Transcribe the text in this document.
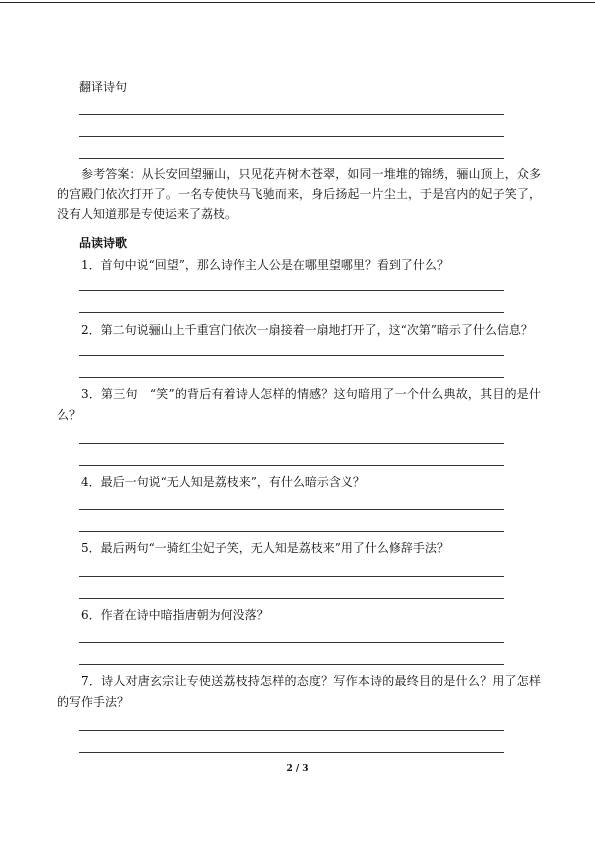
翻译诗句

参考答案：从长安回望骊山，只见花卉树木苍翠，如同一堆堆的锦绣，骊山顶上，众多的宫殿门依次打开了。一名专使快马飞驰而来，身后扬起一片尘土，于是宫内的妃子笑了，没有人知道那是专使运来了荔枝。

品读诗歌

1．首句中说“回望”，那么诗作主人公是在哪里望哪里？看到了什么？

2．第二句说骊山上千重宫门依次一扇接着一扇地打开了，这“次第”暗示了什么信息？

3．第三句　“笑”的背后有着诗人怎样的情感？这句暗用了一个什么典故，其目的是什么？

4．最后一句说“无人知是荔枝来”，有什么暗示含义？

5．最后两句“一骑红尘妃子笑，无人知是荔枝来”用了什么修辞手法？

6．作者在诗中暗指唐朝为何没落？

7．诗人对唐玄宗让专使送荔枝持怎样的态度？写作本诗的最终目的是什么？用了怎样的写作手法？

2 / 3
